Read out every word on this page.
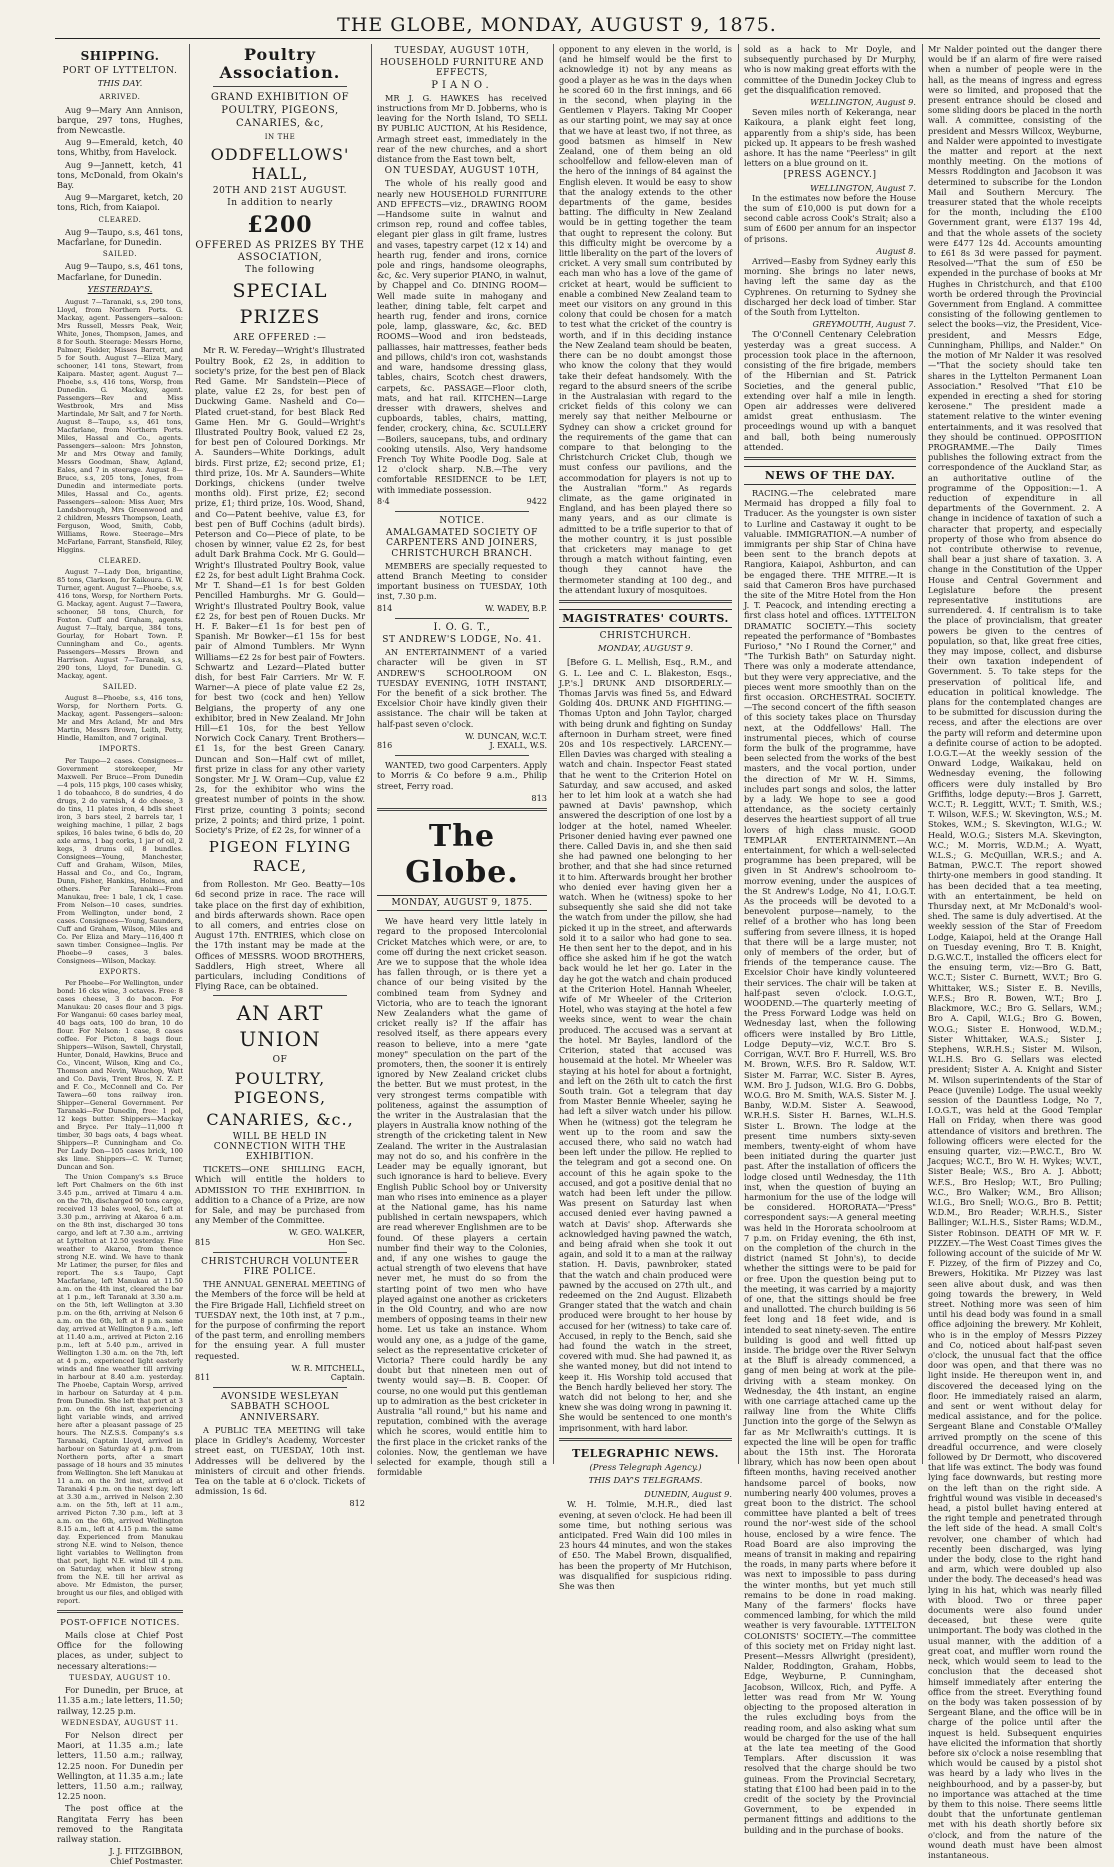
THE GLOBE, MONDAY, AUGUST 9, 1875.
SHIPPING.
PORT OF LYTTELTON.
THIS DAY.
ARRIVED.

Aug 9—Mary Ann Annison, barque, 297 tons, Hughes, from Newcastle.

Aug 9—Emerald, ketch, 40 tons, Whitby, from Havelock.

Aug 9—Jannett, ketch, 41 tons, McDonald, from Okain's Bay.

Aug 9—Margaret, ketch, 20 tons, Rich, from Kaiapoi.

CLEARED.

Aug 9—Taupo, s.s, 461 tons, Macfarlane, for Dunedin.

SAILED.

Aug 9—Taupo, s.s, 461 tons, Macfarlane, for Dunedin.

YESTERDAY'S.

August 7—Taranaki, s.s, 290 tons, Lloyd, from Northern Ports. G. Mackay, agent. Passengers—saloon: Mrs Russell, Messrs Peak, Weir, White, Jones, Thompson, James, and 8 for South. Steerage: Messrs Horne, Palmer, Fielder, Misses Barrett, and 5 for South. August 7—Eliza Mary, schooner, 141 tons, Stewart, from Kaipara. Master, agent. August 7—Phoebe, s.s, 416 tons, Worsp, from Dunedin. G. Mackay, agent. Passengers—Rev and Miss Westbrook, Mrs and Miss Martindale, Mr Salt, and 7 for North. August 8—Taupo, s.s, 461 tons, Macfarlane, from Northern Ports. Miles, Hassal and Co., agents. Passengers—saloon: Mrs Johnston, Mr and Mrs Otway and family, Messrs Goodman, Shaw, Agland, Eales, and 7 in steerage. August 8—Bruce, s.s, 205 tons, Jones, from Dunedin and intermediate ports. Miles, Hassal and Co., agents. Passengers—saloon: Miss Auer, Mrs Landsborough, Mrs Greenwood and 2 children, Messrs Thompson, Leath, Ferguson, Wood, Smith, Cobb, Williams, Rowe. Steerage—Mrs McFarlane, Farrant, Stansfield, Riley, Higgins.

CLEARED.

August 7—Lady Don, brigantine, 85 tons, Clarkson, for Kaikoura. G. W. Turner, agent. August 7—Phoebe, s.s, 416 tons, Worsp, for Northern Ports. G. Mackay, agent. August 7—Tawera, schooner, 58 tons, Church, for Foxton. Cuff and Graham, agents. August 7—Italy, barque, 384 tons, Gourlay, for Hobart Town. P. Cunningham and Co., agents. Passengers—Messrs Brown and Harrison. August 7—Taranaki, s.s, 290 tons, Lloyd, for Dunedin. G. Mackay, agent.

SAILED.

August 8—Phoebe, s.s, 416 tons, Worsp, for Northern Ports. G. Mackay, agent. Passengers—saloon: Mr and Mrs Acland, Mr and Mrs Martin, Messrs Brown, Leith, Petty, Hindle, Hamilton, and 7 original.

IMPORTS.

Per Taupo—2 cases. Consignees—Government storekeeper, Mr Maxwell. Per Bruce—From Dunedin—4 pols, 115 pkgs, 100 cases whisky, 1 do tobaahcco, 8 do sundries, 4 do drugs, 2 do varnish, 4 do cheese, 3 do tins, 11 plates iron, 4 bdls sheet iron, 3 bars steel, 2 barrels tar, 1 weighing machine, 1 pillar, 2 bags spikes, 16 bales twine, 6 bdls do, 20 axle arms, 1 bag corks, 1 jar of oil, 2 kegs, 3 drums oil, 8 bundles. Consignees—Young, Manchester, Cuff and Graham, Wilson, Miles, Hassal and Co., and Co., Ingram, Dunn, Fisher, Hankins, Holmes, and others. Per Taranaki—From Manukau, free: 1 bale, 1 ck, 1 case. From Nelson—10 cases, sundries. From Wellington, under bond, 2 cases. Consignees—Young, Saunders, Cuff and Graham, Wilson, Miles and Co. Per Eliza and Mary—116,400 ft sawn timber. Consignee—Inglis. Per Phoebe—9 cases, 3 bales. Consignees—Wilson, Mackay.

EXPORTS.

Per Phoebe—For Wellington, under bond: 16 cks wine, 3 octaves. Free: 8 cases cheese, 3 do bacon. For Manukau: 20 cases flour and 3 pigs. For Wanganui: 60 cases barley meal, 40 bags oats, 100 do bran, 10 do flour. For Nelson: 1 case, 8 cases coffee. For Picton, 8 bags flour. Shippers—Wilson, Sawtell, Chrystall, Hunter, Donald, Hawkins, Bruce and Co., Vincent, Wilson, King and Co., Thomson and Nevin, Wauchop, Watt and Co. Davis, Trent Bros, N. Z. P. and F. Co., McConnell and Co. Per Tawera—60 tons railway iron. Shipper—General Government. Per Taranaki—For Dunedin, free: 1 pol, 12 kegs butter. Shippers—Mackay and Bryce. Per Italy—11,000 ft timber, 30 bags oats, 4 bags wheat. Shippers—P. Cunningham and Co. Per Lady Don—105 cases brick, 100 sks lime. Shippers—C. W. Turner, Duncan and Son.

The Union Company's s.s Bruce left Port Chalmers on the 6th inst 3.45 p.m., arrived at Timaru 4 a.m. on the 7th, discharged 90 tons cargo, received 13 bales wool, &c., left at 3.30 p.m., arriving at Akaroa 6 a.m. on the 8th inst, discharged 30 tons cargo, and left at 7.30 a.m., arriving at Lyttelton at 12.50 yesterday. Fine weather to Akaroa, from thence strong N.E. wind. We have to thank Mr Latimer, the purser, for files and report. The s.s Taupo, Capt Macfarlane, left Manukau at 11.50 a.m. on the 4th inst, cleared the bar at 1 p.m., left Taranaki at 3.30 a.m. on the 5th, left Wellington at 3.30 p.m. on the 6th, arriving at Nelson 6 a.m. on the 6th, left at 8 p.m. same day, arrived at Wellington 9 a.m., left at 11.40 a.m., arrived at Picton 2.16 p.m., left at 5.40 p.m., arrived in Wellington 1.30 a.m. on the 7th, left at 4 p.m., experienced light easterly winds and fine weather till arriving in harbour at 8.40 a.m. yesterday. The Phoebe, Captain Worsp, arrived in harbour on Saturday at 4 p.m. from Dunedin. She left that port at 3 p.m. on the 6th inst, experiencing light variable winds, and arrived here after a pleasant passage of 25 hours. The N.Z.S.S. Company's s.s Taranaki, Captain Lloyd, arrived in harbour on Saturday at 4 p.m. from Northern ports, after a smart passage of 18 hours and 35 minutes from Wellington. She left Manukau at 11 a.m. on the 3rd inst, arrived at Taranaki 4 p.m. on the next day, left at 3.30 a.m., arrived in Nelson 2.30 a.m. on the 5th, left at 11 a.m., arrived Picton 7.30 p.m., left at 3 a.m. on the 6th, arrived Wellington 8.15 a.m., left at 4.15 p.m. the same day. Experienced from Manukau strong N.E. wind to Nelson, thence light variables to Wellington from that port, light N.E. wind till 4 p.m. on Saturday, when it blew strong from the N.E. till her arrival as above. Mr Edmiston, the purser, brought us our files, and obliged with report.

POST-OFFICE NOTICES.

Mails close at Chief Post Office for the following places, as under, subject to necessary alterations:—

TUESDAY, AUGUST 10.

For Dunedin, per Bruce, at 11.35 a.m.; late letters, 11.50; railway, 12.25 p.m.

WEDNESDAY, AUGUST 11.

For Nelson direct per Maori, at 11.35 a.m.; late letters, 11.50 a.m.; railway, 12.25 noon. For Dunedin per Wellington, at 11.35 a.m.; late letters, 11.50 a.m.; railway, 12.25 noon.

The post office at the Rangitata Ferry has been removed to the Rangitata railway station.

J. J. FITZGIBBON,
Chief Postmaster.
Poultry Association.
GRAND EXHIBITION OF POULTRY, PIGEONS, CANARIES, &c,
IN THE
ODDFELLOWS' HALL,
20TH AND 21ST AUGUST.
In addition to nearly
£200
OFFERED AS PRIZES BY THE
ASSOCIATION,
The following
SPECIAL PRIZES
ARE OFFERED :—

Mr R. W. Fereday—Wright's Illustrated Poultry Book, £2 2s, in addition to society's prize, for the best pen of Black Red Game. Mr Sandstein—Piece of plate, value £2 2s, for best pen of Duckwing Game. Nasheld and Co—Plated cruet-stand, for best Black Red Game Hen. Mr G. Gould—Wright's Illustrated Poultry Book, valued £2 2s, for best pen of Coloured Dorkings. Mr A. Saunders—White Dorkings, adult birds. First prize, £2; second prize, £1; third prize, 10s. Mr A. Saunders—White Dorkings, chickens (under twelve months old). First prize, £2; second prize, £1; third prize, 10s. Wood, Shand, and Co—Patent beehive, value £3, for best pen of Buff Cochins (adult birds). Peterson and Co—Piece of plate, to be chosen by winner, value £2 2s, for best adult Dark Brahma Cock. Mr G. Gould—Wright's Illustrated Poultry Book, value £2 2s, for best adult Light Brahma Cock. Mr T. Shand—£1 1s for best Golden Pencilled Hamburghs. Mr G. Gould—Wright's Illustrated Poultry Book, value £2 2s, for best pen of Rouen Ducks. Mr H. F. Baker—£1 1s for best pen of Spanish. Mr Bowker—£1 15s for best pair of Almond Tumblers. Mr Wynn Williams—£2 2s for best pair of Fowters. Schwartz and Lezard—Plated butter dish, for best Fair Carriers. Mr W. F. Warner—A piece of plate value £2 2s, for best two (cock and hen) Yellow Belgians, the property of any one exhibitor, bred in New Zealand. Mr John Hill—£1 10s, for the best Yellow Norwich Cock Canary. Trent Brothers—£1 1s, for the best Green Canary. Duncan and Son—Half cwt of millet, first prize in class for any other variety Songster. Mr J. W. Oram—Cup, value £2 2s, for the exhibitor who wins the greatest number of points in the show. First prize, counting 3 points; second prize, 2 points; and third prize, 1 point. Society's Prize, of £2 2s, for winner of a

PIGEON FLYING RACE,

from Rolleston. Mr Geo. Beatty—10s 6d second prize in race. The race will take place on the first day of exhibition, and birds afterwards shown. Race open to all comers, and entries close on August 17th. ENTRIES, which close on the 17th instant may be made at the Offices of MESSRS. WOOD BROTHERS, Saddlers, High street, Where all particulars, including Conditions of Flying Race, can be obtained.

AN ART UNION
OF
POULTRY, PIGEONS,
CANARIES, &c.,
WILL BE HELD IN CONNECTION WITH THE EXHIBITION.

TICKETS—ONE SHILLING EACH, Which will entitle the holders to ADMISSION TO THE EXHIBITION. In addition to a Chance of a Prize, are now for Sale, and may be purchased from any Member of the Committee.

W. GEO. WALKER,
815	Hon Sec.
CHRISTCHURCH VOLUNTEER FIRE POLICE.

THE ANNUAL GENERAL MEETING of the Members of the force will be held at the Fire Brigade Hall, Lichfield street on TUESDAY next, the 10th inst, at 7 p.m., for the purpose of confirming the report of the past term, and enrolling members for the ensuing year. A full muster requested.

W. R. MITCHELL,
811	Captain.
AVONSIDE WESLEYAN SABBATH SCHOOL ANNIVERSARY.

A PUBLIC TEA MEETING will take place in Gridley's Academy, Worcester street east, on TUESDAY, 10th inst. Addresses will be delivered by the ministers of circuit and other friends. Tea on the table at 6 o'clock. Tickets of admission, 1s 6d.

812
TUESDAY, AUGUST 10TH,
HOUSEHOLD FURNITURE AND EFFECTS,
PIANO.

MR J. G. HAWKES has received instructions from Mr D. Jobberns, who is leaving for the North Island, TO SELL BY PUBLIC AUCTION, At his Residence, Armagh street east, immediately in the rear of the new churches, and a short distance from the East town belt,

ON TUESDAY, AUGUST 10TH,

The whole of his really good and nearly new HOUSEHOLD FURNITURE AND EFFECTS—viz., DRAWING ROOM—Handsome suite in walnut and crimson rep, round and coffee tables, elegant pier glass in gilt frame, lustres and vases, tapestry carpet (12 x 14) and hearth rug, fender and irons, cornice pole and rings, handsome oleographs, &c, &c. Very superior PIANO, in walnut, by Chappel and Co. DINING ROOM—Well made suite in mahogany and leather, dining table, felt carpet and hearth rug, fender and irons, cornice pole, lamp, glassware, &c, &c. BED ROOMS—Wood and iron bedsteads, palliasses, hair mattresses, feather beds and pillows, child's iron cot, washstands and ware, handsome dressing glass, tables, chairs, Scotch chest drawers, carpets, &c. PASSAGE—Floor cloth, mats, and hat rail. KITCHEN—Large dresser with drawers, shelves and cupboards, tables, chairs, matting, fender, crockery, china, &c. SCULLERY—Boilers, saucepans, tubs, and ordinary cooking utensils. Also, Very handsome French Toy White Poodle Dog. Sale at 12 o'clock sharp. N.B.—The very comfortable RESIDENCE to be LET, with immediate possession.

8·4	9422
NOTICE.
AMALGAMATED SOCIETY OF CARPENTERS AND JOINERS, CHRISTCHURCH BRANCH.

MEMBERS are specially requested to attend Branch Meeting to consider important business on TUESDAY, 10th inst, 7.30 p.m.

814	W. WADEY, B.P.
I. O. G. T.,
ST ANDREW'S LODGE, No. 41.

AN ENTERTAINMENT of a varied character will be given in ST ANDREW'S SCHOOLROOM ON TUESDAY EVENING, 10TH INSTANT, For the benefit of a sick brother. The Excelsior Choir have kindly given their assistance. The chair will be taken at half-past seven o'clock.

W. DUNCAN, W.C.T.
816	J. EXALL, W.S.

WANTED, two good Carpenters. Apply to Morris & Co before 9 a.m., Philip street, Ferry road.

813
The Globe.
MONDAY, AUGUST 9, 1875.

We have heard very little lately in regard to the proposed Intercolonial Cricket Matches which were, or are, to come off during the next cricket season. Are we to suppose that the whole idea has fallen through, or is there yet a chance of our being visited by the combined team from Sydney and Victoria, who are to teach the ignorant New Zealanders what the game of cricket really is? If the affair has resolved itself, as there appears every reason to believe, into a mere "gate money" speculation on the part of the promoters, then, the sooner it is entirely ignored by New Zealand cricket clubs the better. But we must protest, in the very strongest terms compatible with politeness, against the assumption of the writer in the Australasian that the players in Australia know nothing of the strength of the cricketing talent in New Zealand. The writer in the Australasian may not do so, and his confrère in the Leader may be equally ignorant, but such ignorance is hard to believe. Every English Public School boy or University man who rises into eminence as a player at the National game, has his name published in certain newspapers, which are read wherever Englishmen are to be found. Of these players a certain number find their way to the Colonies, and, if any one wishes to gauge the actual strength of two elevens that have never met, he must do so from the starting point of two men who have played against one another as cricketers in the Old Country, and who are now members of opposing teams in their new home. Let us take an instance. Whom would any one, as a judge of the game, select as the representative cricketer of Victoria? There could hardly be any doubt but that nineteen men out of twenty would say—B. B. Cooper. Of course, no one would put this gentleman up to admiration as the best cricketer in Australia "all round," but his name and reputation, combined with the average which he scores, would entitle him to the first place in the cricket ranks of the colonies. Now, the gentleman we have selected for example, though still a formidable

opponent to any eleven in the world, is (and he himself would be the first to acknowledge it) not by any means as good a player as he was in the days when he scored 60 in the first innings, and 66 in the second, when playing in the Gentlemen v Players. Taking Mr Cooper as our starting point, we may say at once that we have at least two, if not three, as good batsmen as himself in New Zealand, one of them being an old schoolfellow and fellow-eleven man of the hero of the innings of 84 against the English eleven. It would be easy to show that the analogy extends to the other departments of the game, besides batting. The difficulty in New Zealand would be in getting together the team that ought to represent the colony. But this difficulty might be overcome by a little liberality on the part of the lovers of cricket. A very small sum contributed by each man who has a love of the game of cricket at heart, would be sufficient to enable a combined New Zealand team to meet our visitors on any ground in this colony that could be chosen for a match to test what the cricket of the country is worth, and if in this deciding instance the New Zealand team should be beaten, there can be no doubt amongst those who know the colony that they would take their defeat handsomely. With the regard to the absurd sneers of the scribe in the Australasian with regard to the cricket fields of this colony we can merely say that neither Melbourne or Sydney can show a cricket ground for the requirements of the game that can compare to that belonging to the Christchurch Cricket Club, though we must confess our pavilions, and the accommodation for players is not up to the Australian "form." As regards climate, as the game originated in England, and has been played there so many years, and as our climate is admitted to be a trifle superior to that of the mother country, it is just possible that cricketers may manage to get through a match without fainting, even though they cannot have the thermometer standing at 100 deg., and the attendant luxury of mosquitoes.

MAGISTRATES' COURTS.
CHRISTCHURCH.
MONDAY, AUGUST 9.

[Before G. L. Mellish, Esq., R.M., and G. L. Lee and C. L. Blakeston, Esqs., J.P.'s.] DRUNK AND DISORDERLY.—Thomas Jarvis was fined 5s, and Edward Golding 40s. DRUNK AND FIGHTING.—Thomas Upton and John Taylor, charged with being drunk and fighting on Sunday afternoon in Durham street, were fined 20s and 10s respectively. LARCENY.—Ellen Davies was charged with stealing a watch and chain. Inspector Feast stated that he went to the Criterion Hotel on Saturday, and saw accused, and asked her to let him look at a watch she had pawned at Davis' pawnshop, which answered the description of one lost by a lodger at the hotel, named Wheeler. Prisoner denied having ever pawned one there. Called Davis in, and she then said she had pawned one belonging to her brother, and that she had since returned it to him. Afterwards brought her brother who denied ever having given her a watch. When he (witness) spoke to her subsequently she said she did not take the watch from under the pillow, she had picked it up in the street, and afterwards sold it to a sailor who had gone to sea. He then sent her to the depot, and in his office she asked him if he got the watch back would he let her go. Later in the day he got the watch and chain produced at the Criterion Hotel. Hannah Wheeler, wife of Mr Wheeler of the Criterion Hotel, who was staying at the hotel a few weeks since, went to wear the chain produced. The accused was a servant at the hotel. Mr Bayles, landlord of the Criterion, stated that accused was housemaid at the hotel. Mr Wheeler was staying at his hotel for about a fortnight, and left on the 26th ult to catch the first South train. Got a telegram that day from Master Bennie Wheeler, saying he had left a silver watch under his pillow. When he (witness) got the telegram he went up to the room and saw the accused there, who said no watch had been left under the pillow. He replied to the telegram and got a second one. On account of this he again spoke to the accused, and got a positive denial that no watch had been left under the pillow. Was present on Saturday last when accused denied ever having pawned a watch at Davis' shop. Afterwards she acknowledged having pawned the watch, and being afraid when she took it out again, and sold it to a man at the railway station. H. Davis, pawnbroker, stated that the watch and chain produced were pawned by the accused on 27th ult., and redeemed on the 2nd August. Elizabeth Granger stated that the watch and chain produced were brought to her house by accused for her (witness) to take care of. Accused, in reply to the Bench, said she had found the watch in the street, covered with mud. She had pawned it, as she wanted money, but did not intend to keep it. His Worship told accused that the Bench hardly believed her story. The watch did not belong to her, and she knew she was doing wrong in pawning it. She would be sentenced to one month's imprisonment, with hard labor.

TELEGRAPHIC NEWS.
(Press Telegraph Agency.)
THIS DAY'S TELEGRAMS.
DUNEDIN, August 9.

W. H. Tolmie, M.H.R., died last evening, at seven o'clock. He had been ill some time, but nothing serious was anticipated. Fred Wain did 100 miles in 23 hours 44 minutes, and won the stakes of £50. The Mabel Brown, disqualified, has been the property of Mr Hutchison, was disqualified for suspicious riding. She was then

sold as a hack to Mr Doyle, and subsequently purchased by Dr Murphy, who is now making great efforts with the committee of the Dunedin Jockey Club to get the disqualification removed.

WELLINGTON, August 9.

Seven miles north of Kekeranga, near Kaikoura, a plank eight feet long, apparently from a ship's side, has been picked up. It appears to be fresh washed ashore. It has the name "Peerless" in gilt letters on a blue ground on it.

[PRESS AGENCY.]
WELLINGTON, August 7.

In the estimates now before the House the sum of £10,000 is put down for a second cable across Cook's Strait; also a sum of £600 per annum for an inspector of prisons.

August 8.

Arrived—Easby from Sydney early this morning. She brings no later news, having left the same day as the Cyphrenes. On returning to Sydney she discharged her deck load of timber. Star of the South from Lyttelton.

GREYMOUTH, August 7.

The O'Connell Centenary Celebration yesterday was a great success. A procession took place in the afternoon, consisting of the fire brigade, members of the Hibernian and St. Patrick Societies, and the general public, extending over half a mile in length. Open air addresses were delivered amidst great enthusiasm. The proceedings wound up with a banquet and ball, both being numerously attended.

NEWS OF THE DAY.

RACING.—The celebrated mare Mermaid has dropped a filly foal to Traducer. As the youngster is own sister to Lurline and Castaway it ought to be valuable. IMMIGRATION.—A number of immigrants per ship Star of China have been sent to the branch depots at Rangiora, Kaiapoi, Ashburton, and can be engaged there. THE MITRE.—It is said that Cameron Bros have purchased the site of the Mitre Hotel from the Hon J. T. Peacock, and intending erecting a first class hotel and offices. LYTTELTON DRAMATIC SOCIETY.—This society repeated the performance of "Bombastes Furioso," "No I Round the Corner," and "The Turkish Bath" on Saturday night. There was only a moderate attendance, but they were very appreciative, and the pieces went more smoothly than on the first occasion. ORCHESTRAL SOCIETY.—The second concert of the fifth season of this society takes place on Thursday next, at the Oddfellows' Hall. The instrumental pieces, which of course form the bulk of the programme, have been selected from the works of the best masters, and the vocal portion, under the direction of Mr W. H. Simms, includes part songs and solos, the latter by a lady. We hope to see a good attendance, as the society certainly deserves the heartiest support of all true lovers of high class music. GOOD TEMPLAR ENTERTAINMENT.—An entertainment, for which a well-selected programme has been prepared, will be given in St Andrew's schoolroom to-morrow evening, under the auspices of the St Andrew's Lodge, No 41, I.O.G.T. As the proceeds will be devoted to a benevolent purpose—namely, to the relief of a brother who has long been suffering from severe illness, it is hoped that there will be a large muster, not only of members of the order, but of friends of the temperance cause. The Excelsior Choir have kindly volunteered their services. The chair will be taken at half-past seven o'clock. I.O.G.T., WOODEND.—The quarterly meeting of the Press Forward Lodge was held on Wednesday last, when the following officers were installed by Bro Little, Lodge Deputy—viz, W.C.T. Bro S. Corrigan, W.V.T. Bro F. Hurrell, W.S. Bro M. Brown, W.F.S. Bro R. Saldow, W.T. Sister M. Farrar, W.C. Sister B. Ayres, W.M. Bro J. Judson, W.I.G. Bro G. Dobbs, W.O.G. Bro M. Smith, W.A.S. Sister M. J. Banby, W.D.M. Sister A. Seawood, W.R.H.S. Sister H. Barnes, W.L.H.S. Sister L. Brown. The lodge at the present time numbers sixty-seven members, twenty-eight of whom have been initiated during the quarter just past. After the installation of officers the lodge closed until Wednesday, the 11th inst, when the question of buying an harmonium for the use of the lodge will be considered. HORORATA—"Press" correspondent says:—A general meeting was held in the Hororata schoolroom at 7 p.m. on Friday evening, the 6th inst, on the completion of the church in the district (named St John's), to decide whether the sittings were to be paid for or free. Upon the question being put to the meeting, it was carried by a majority of one, that the sittings should be free and unallotted. The church building is 56 feet long and 18 feet wide, and is intended to seat ninety-seven. The entire building is good and well fitted up inside. The bridge over the River Selwyn at the Bluff is already commenced, a gang of men being at work at the pile-driving with a steam monkey. On Wednesday, the 4th instant, an engine with one carriage attached came up the railway line from the White Cliffs Junction into the gorge of the Selwyn as far as Mr McIlwraith's cuttings. It is expected the line will be open for traffic about the 15th inst. The Hororata library, which has now been open about fifteen months, having received another handsome parcel of books, now numbering nearly 400 volumes, proves a great boon to the district. The school committee have planted a belt of trees round the nor'-west side of the school house, enclosed by a wire fence. The Road Board are also improving the means of transit in making and repairing the roads, in many parts where before it was next to impossible to pass during the winter months, but yet much still remains to be done in road making. Many of the farmers' flocks have commenced lambing, for which the mild weather is very favourable. LYTTELTON COLONISTS' SOCIETY.—The committee of this society met on Friday night last. Present—Messrs Allwright (president), Nalder, Roddington, Graham, Hobbs, Edge, Weyburne, P. Cunningham, Jacobson, Willcox, Rich, and Pyffe. A letter was read from Mr W. Young objecting to the proposed alteration in the rules excluding boys from the reading room, and also asking what sum would be charged for the use of the hall at the late tea meeting of the Good Templars. After discussion it was resolved that the charge should be two guineas. From the Provincial Secretary, stating that £100 had been paid in to the credit of the society by the Provincial Government, to be expended in permanent fittings and additions to the building and in the purchase of books.

Mr Nalder pointed out the danger there would be if an alarm of fire were raised when a number of people were in the hall, as the means of ingress and egress were so limited, and proposed that the present entrance should be closed and some sliding doors be placed in the north wall. A committee, consisting of the president and Messrs Willcox, Weyburne, and Nalder were appointed to investigate the matter and report at the next monthly meeting. On the motions of Messrs Roddington and Jacobson it was determined to subscribe for the London Mail and Southern Mercury. The treasurer stated that the whole receipts for the month, including the £100 Government grant, were £137 19s 4d, and that the whole assets of the society were £477 12s 4d. Accounts amounting to £61 8s 3d were passed for payment. Resolved—"That the sum of £50 be expended in the purchase of books at Mr Hughes in Christchurch, and that £100 worth be ordered through the Provincial Government from England. A committee consisting of the following gentlemen to select the books—viz, the President, Vice-president, and Messrs Edge, Cunningham, Phillips, and Nalder." On the motion of Mr Nalder it was resolved—"That the society should take ten shares in the Lyttelton Permanent Loan Association." Resolved "That £10 be expended in erecting a shed for storing kerosene." The president made a statement relative to the winter evening entertainments, and it was resolved that they should be continued. OPPOSITION PROGRAMME.—The Daily Times publishes the following extract from the correspondence of the Auckland Star, as an authoritative outline of the programme of the Opposition:—1. A reduction of expenditure in all departments of the Government. 2. A change in incidence of taxation of such a character that property, and especially property of those who from absence do not contribute otherwise to revenue, shall bear a just share of taxation. 3. A change in the Constitution of the Upper House and Central Government and Legislature before the present representative institutions are surrendered. 4. If centralism is to take the place of provincialism, that greater powers be given to the centres of population, so that, like great free cities, they may impose, collect, and disburse their own taxation independent of Government. 5. To take steps for the preservation of political life, and education in political knowledge. The plans for the contemplated changes are to be submitted for discussion during the recess, and after the elections are over the party will reform and determine upon a definite course of action to be adopted. I.O.G.T.—At the weekly session of the Onward Lodge, Waikakau, held on Wednesday evening, the following officers were duly installed by Bro Griffiths, lodge deputy:—Bros J. Garrett, W.C.T.; R. Leggitt, W.V.T.; T. Smith, W.S.; T. Wilson, W.F.S.; W. Skevington, W.S.; M. Stokes, W.M.; S. Skevington, W.I.G.; W. Heald, W.O.G.; Sisters M.A. Skevington, W.C.; M. Morris, W.D.M.; A. Wyatt, W.L.S.; G. McQuillan, W.R.S.; and A. Batman, P.W.C.T. The report showed thirty-one members in good standing. It has been decided that a tea meeting, with an entertainment, be held on Thursday next, at Mr McDonald's wool-shed. The same is duly advertised. At the weekly session of the Star of Freedom Lodge, Kaiapoi, held at the Orange Hall on Tuesday evening, Bro T. B. Knight, D.G.W.C.T., installed the officers elect for the ensuing term, viz:—Bro G. Batt, W.C.T.; Sister C. Burnett, W.V.T.; Bro G. Whittaker, W.S.; Sister E. B. Nevills, W.F.S.; Bro R. Bowen, W.T.; Bro J. Blackmore, W.C.; Bro G. Sellars, W.M.; Bro A. Capil, W.I.G.; Bro G. Bowen, W.O.G.; Sister E. Honwood, W.D.M.; Sister Whittaker, W.A.S.; Sister J. Stephens, W.R.H.S.; Sister M. Wilson, W.L.H.S. Bro G. Sellars was elected president; Sister A. A. Knight and Sister M. Wilson superintendents of the Star of Peace (juvenile) Lodge. The usual weekly session of the Dauntless Lodge, No 7, I.O.G.T., was held at the Good Templar Hall on Friday, when there was good attendance of visitors and brethren. The following officers were elected for the ensuing quarter, viz:—P.W.C.T., Bro W. Jacques; W.C.T., Bro W. H. Wykes; W.V.T., Sister Beale; W.S., Bro A. J. Abbott; W.F.S., Bro Heslop; W.T., Bro Pulling; W.C., Bro Walker; W.M., Bro Allison; W.I.G., Bro Snell; W.O.G., Bro B. Pettit; W.D.M., Bro Reader; W.R.H.S., Sister Ballinger; W.L.H.S., Sister Rams; W.D.M., Sister Robinson. DEATH OF MR W. F. PIZZEY.—The West Coast Times gives the following account of the suicide of Mr W. F. Pizzey, of the firm of Pizzey and Co, Brewers, Hokitika. Mr Pizzey was last seen alive about dusk, and was then going towards the brewery, in Weld street. Nothing more was seen of him until his dead body was found in a small office adjoining the brewery. Mr Kohleit, who is in the employ of Messrs Pizzey and Co, noticed about half-past seven o'clock, the unusual fact that the office door was open, and that there was no light inside. He thereupon went in, and discovered the deceased lying on the floor. He immediately raised an alarm, and sent or went without delay for medical assistance, and for the police. Sergeant Blane and Constable O'Malley arrived promptly on the scene of this dreadful occurrence, and were closely followed by Dr Dermott, who discovered that life was extinct. The body was found lying face downwards, but resting more on the left than on the right side. A frightful wound was visible in deceased's head, a pistol bullet having entered at the right temple and penetrated through the left side of the head. A small Colt's revolver, one chamber of which had recently been discharged, was lying under the body, close to the right hand and arm, which were doubled up also under the body. The deceased's head was lying in his hat, which was nearly filled with blood. Two or three paper documents were also found under deceased, but these were quite unimportant. The body was clothed in the usual manner, with the addition of a great coat, and muffler worn round the neck, which would seem to lead to the conclusion that the deceased shot himself immediately after entering the office from the street. Everything found on the body was taken possession of by Sergeant Blane, and the office will be in charge of the police until after the inquest is held. Subsequent enquiries have elicited the information that shortly before six o'clock a noise resembling that which would be caused by a pistol shot was heard by a lady who lives in the neighbourhood, and by a passer-by, but no importance was attached at the time by them to this noise. There seems little doubt that the unfortunate gentleman met with his death shortly before six o'clock, and from the nature of the wound death must have been almost instantaneous.
